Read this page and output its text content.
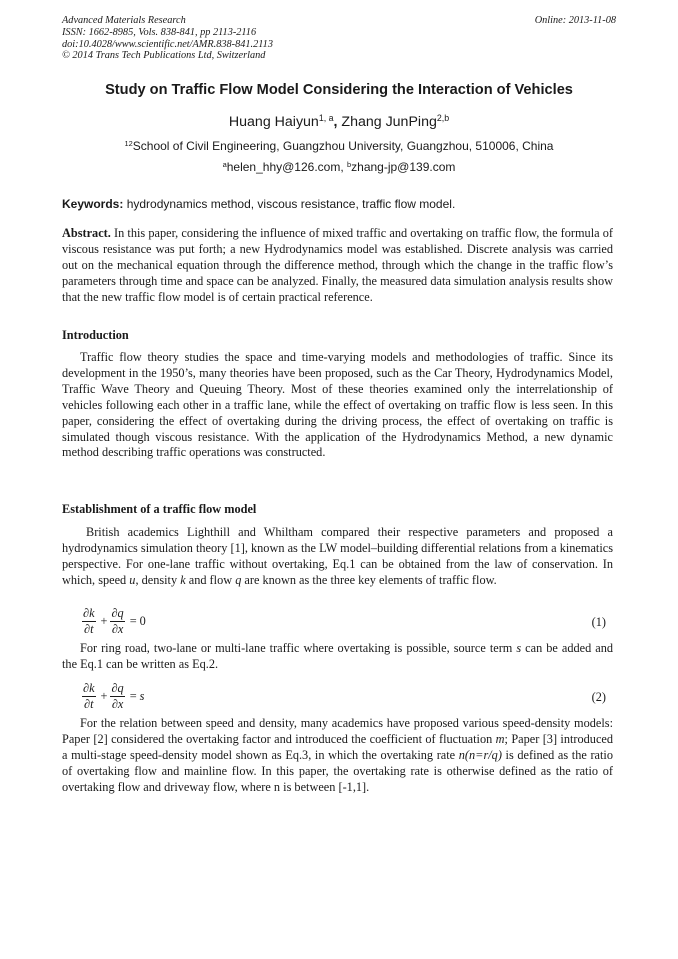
Advanced Materials Research
ISSN: 1662-8985, Vols. 838-841, pp 2113-2116
doi:10.4028/www.scientific.net/AMR.838-841.2113
© 2014 Trans Tech Publications Ltd, Switzerland
Online: 2013-11-08
Study on Traffic Flow Model Considering the Interaction of Vehicles
Huang Haiyun$^{1, a}$, Zhang JunPing$^{2,b}$
$^{12}$School of Civil Engineering, Guangzhou University, Guangzhou, 510006, China
$^a$helen_hhy@126.com, $^b$zhang-jp@139.com
Keywords: hydrodynamics method, viscous resistance, traffic flow model.

Abstract. In this paper, considering the influence of mixed traffic and overtaking on traffic flow, the formula of viscous resistance was put forth; a new Hydrodynamics model was established. Discrete analysis was carried out on the mechanical equation through the difference method, through which the change in the traffic flow’s parameters through time and space can be analyzed. Finally, the measured data simulation analysis results show that the new traffic flow model is of certain practical reference.

Introduction

Traffic flow theory studies the space and time-varying models and methodologies of traffic. Since its development in the 1950’s, many theories have been proposed, such as the Car Theory, Hydrodynamics Model, Traffic Wave Theory and Queuing Theory. Most of these theories examined only the interrelationship of vehicles following each other in a traffic lane, while the effect of overtaking on traffic flow is less seen. In this paper, considering the effect of overtaking during the driving process, the effect of overtaking on traffic is simulated though viscous resistance. With the application of the Hydrodynamics Method, a new dynamic method describing traffic operations was constructed.

Establishment of a traffic flow model

British academics Lighthill and Whiltham compared their respective parameters and proposed a hydrodynamics simulation theory [1], known as the LW model–building differential relations from a kinematics perspective. For one-lane traffic without overtaking, Eq.1 can be obtained from the law of conservation. In which, speed u, density k and flow q are known as the three key elements of traffic flow.

$\frac{\partial k}{\partial t} + \frac{\partial q}{\partial x} = 0$	(1)

For ring road, two-lane or multi-lane traffic where overtaking is possible, source term s can be added and the Eq.1 can be written as Eq.2.

$\frac{\partial k}{\partial t} + \frac{\partial q}{\partial x} = s$	(2)

For the relation between speed and density, many academics have proposed various speed-density models: Paper [2] considered the overtaking factor and introduced the coefficient of fluctuation m; Paper [3] introduced a multi-stage speed-density model shown as Eq.3, in which the overtaking rate n(n=r/q) is defined as the ratio of overtaking flow and mainline flow. In this paper, the overtaking rate is otherwise defined as the ratio of overtaking flow and driveway flow, where n is between [-1,1].
